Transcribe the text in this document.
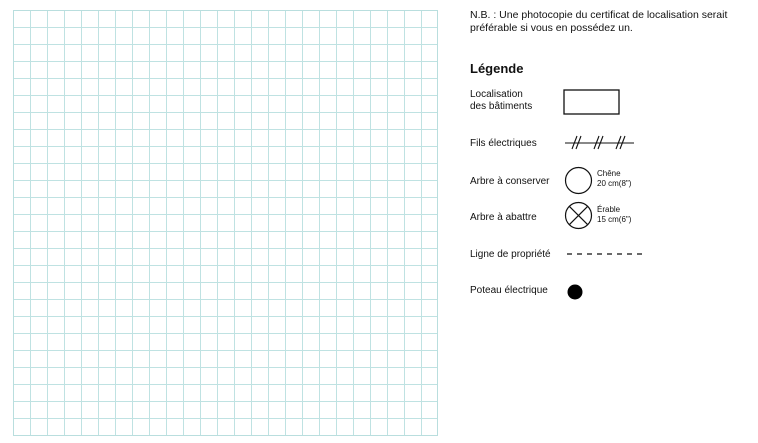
N.B. : Une photocopie du certificat de localisation serait préférable si vous en possédez un.
Légende
Localisation
des bâtiments
Fils électriques
Arbre à conserver
Chêne
20 cm(8")
Arbre à abattre
Érable
15 cm(6")
Ligne de propriété
Poteau électrique
